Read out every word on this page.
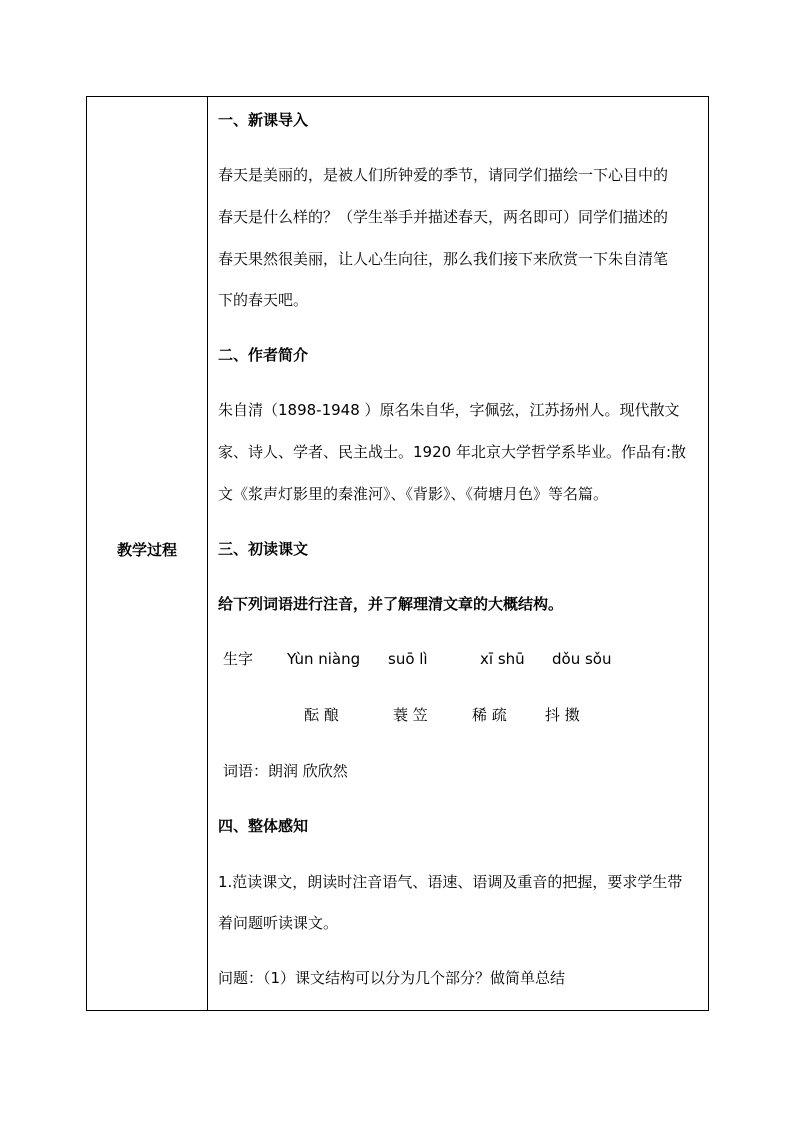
教学过程
一、新课导入
春天是美丽的，是被人们所钟爱的季节，请同学们描绘一下心目中的
春天是什么样的？（学生举手并描述春天，两名即可）同学们描述的
春天果然很美丽，让人心生向往，那么我们接下来欣赏一下朱自清笔
下的春天吧。
二、作者简介
朱自清（1898-1948 ）原名朱自华，字佩弦，江苏扬州人。现代散文
家、诗人、学者、民主战士。1920 年北京大学哲学系毕业。作品有:散
文《浆声灯影里的秦淮河》、《背影》、《荷塘月色》等名篇。
三、初读课文
给下列词语进行注音，并了解理清文章的大概结构。
生字 Yùn niàng suō lì	xī shū dǒu sǒu
酝 酿	蓑 笠	稀 疏	抖 擞
词语：朗润 欣欣然
四、整体感知
1.范读课文，朗读时注音语气、语速、语调及重音的把握，要求学生带
着问题听读课文。
问题：（1）课文结构可以分为几个部分？做简单总结
